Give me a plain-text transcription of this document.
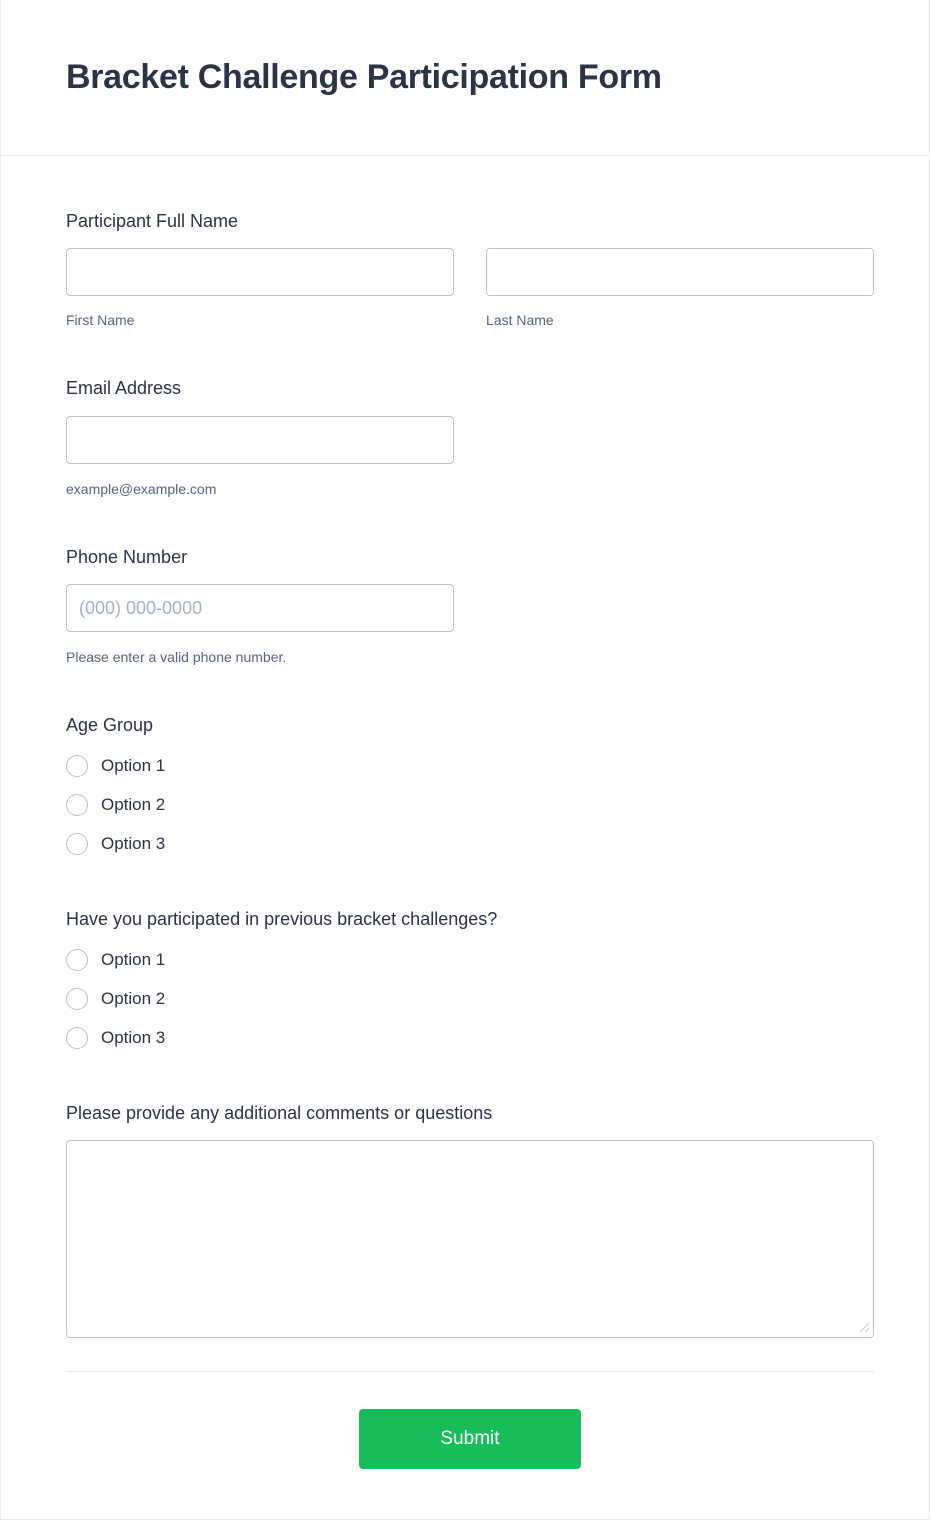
Bracket Challenge Participation Form
Participant Full Name
First Name	Last Name
Email Address
example@example.com
Phone Number
(000) 000-0000
Please enter a valid phone number.
Age Group
Option 1
Option 2
Option 3
Have you participated in previous bracket challenges?
Option 1
Option 2
Option 3
Please provide any additional comments or questions
Submit
